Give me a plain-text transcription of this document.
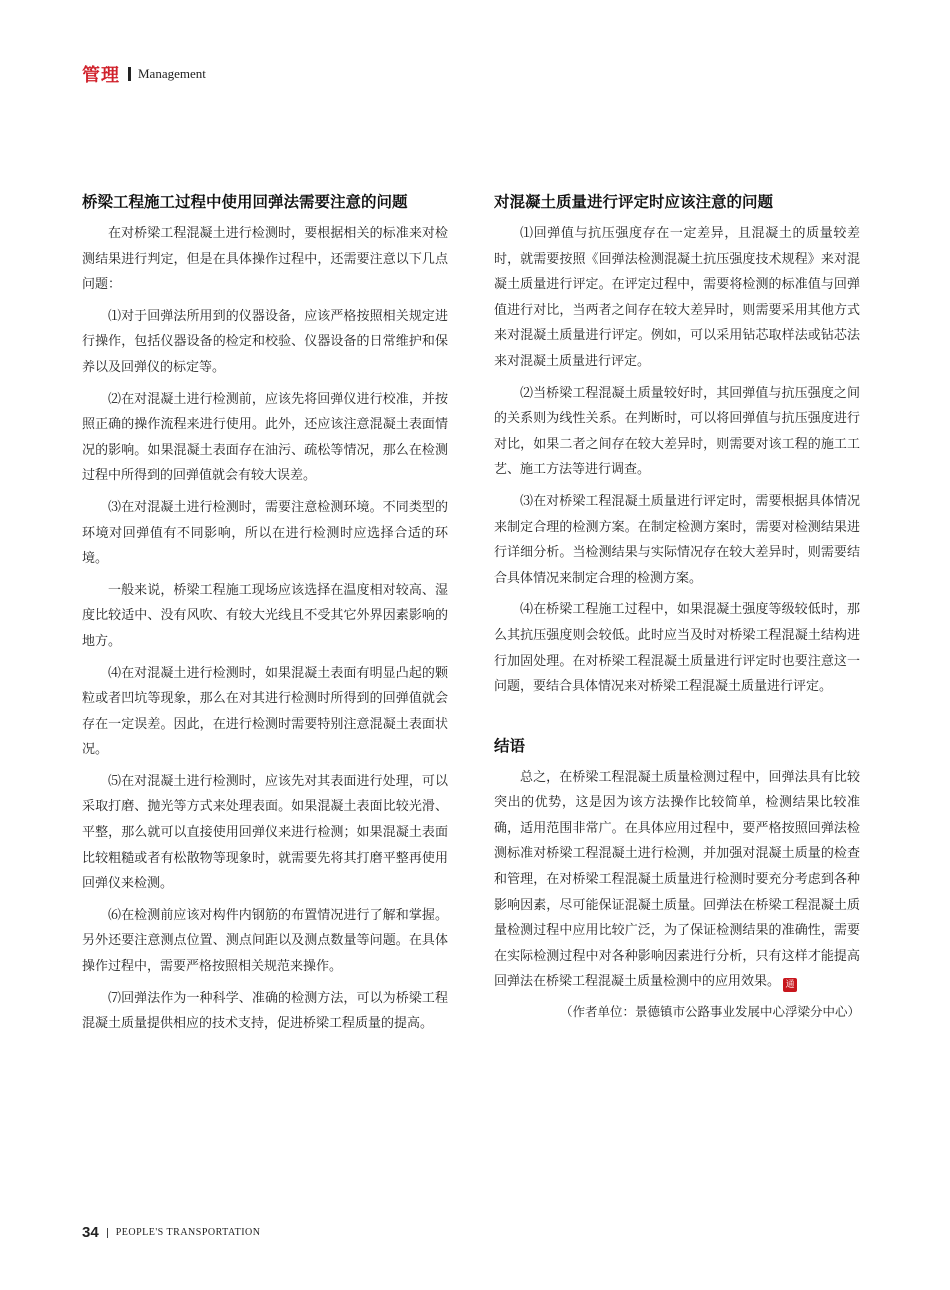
管理 Management
桥梁工程施工过程中使用回弹法需要注意的问题

在对桥梁工程混凝土进行检测时，要根据相关的标准来对检测结果进行判定，但是在具体操作过程中，还需要注意以下几点问题：

⑴对于回弹法所用到的仪器设备，应该严格按照相关规定进行操作，包括仪器设备的检定和校验、仪器设备的日常维护和保养以及回弹仪的标定等。

⑵在对混凝土进行检测前，应该先将回弹仪进行校准，并按照正确的操作流程来进行使用。此外，还应该注意混凝土表面情况的影响。如果混凝土表面存在油污、疏松等情况，那么在检测过程中所得到的回弹值就会有较大误差。

⑶在对混凝土进行检测时，需要注意检测环境。不同类型的环境对回弹值有不同影响，所以在进行检测时应选择合适的环境。

一般来说，桥梁工程施工现场应该选择在温度相对较高、湿度比较适中、没有风吹、有较大光线且不受其它外界因素影响的地方。

⑷在对混凝土进行检测时，如果混凝土表面有明显凸起的颗粒或者凹坑等现象，那么在对其进行检测时所得到的回弹值就会存在一定误差。因此，在进行检测时需要特别注意混凝土表面状况。

⑸在对混凝土进行检测时，应该先对其表面进行处理，可以采取打磨、抛光等方式来处理表面。如果混凝土表面比较光滑、平整，那么就可以直接使用回弹仪来进行检测；如果混凝土表面比较粗糙或者有松散物等现象时，就需要先将其打磨平整再使用回弹仪来检测。

⑹在检测前应该对构件内钢筋的布置情况进行了解和掌握。另外还要注意测点位置、测点间距以及测点数量等问题。在具体操作过程中，需要严格按照相关规范来操作。

⑺回弹法作为一种科学、准确的检测方法，可以为桥梁工程混凝土质量提供相应的技术支持，促进桥梁工程质量的提高。

对混凝土质量进行评定时应该注意的问题

⑴回弹值与抗压强度存在一定差异，且混凝土的质量较差时，就需要按照《回弹法检测混凝土抗压强度技术规程》来对混凝土质量进行评定。在评定过程中，需要将检测的标准值与回弹值进行对比，当两者之间存在较大差异时，则需要采用其他方式来对混凝土质量进行评定。例如，可以采用钻芯取样法或钻芯法来对混凝土质量进行评定。

⑵当桥梁工程混凝土质量较好时，其回弹值与抗压强度之间的关系则为线性关系。在判断时，可以将回弹值与抗压强度进行对比，如果二者之间存在较大差异时，则需要对该工程的施工工艺、施工方法等进行调查。

⑶在对桥梁工程混凝土质量进行评定时，需要根据具体情况来制定合理的检测方案。在制定检测方案时，需要对检测结果进行详细分析。当检测结果与实际情况存在较大差异时，则需要结合具体情况来制定合理的检测方案。

⑷在桥梁工程施工过程中，如果混凝土强度等级较低时，那么其抗压强度则会较低。此时应当及时对桥梁工程混凝土结构进行加固处理。在对桥梁工程混凝土质量进行评定时也要注意这一问题，要结合具体情况来对桥梁工程混凝土质量进行评定。

结语

总之，在桥梁工程混凝土质量检测过程中，回弹法具有比较突出的优势，这是因为该方法操作比较简单，检测结果比较准确，适用范围非常广。在具体应用过程中，要严格按照回弹法检测标准对桥梁工程混凝土进行检测，并加强对混凝土质量的检查和管理，在对桥梁工程混凝土质量进行检测时要充分考虑到各种影响因素，尽可能保证混凝土质量。回弹法在桥梁工程混凝土质量检测过程中应用比较广泛，为了保证检测结果的准确性，需要在实际检测过程中对各种影响因素进行分析，只有这样才能提高回弹法在桥梁工程混凝土质量检测中的应用效果。 通

（作者单位：景德镇市公路事业发展中心浮梁分中心）
34 PEOPLE'S TRANSPORTATION
